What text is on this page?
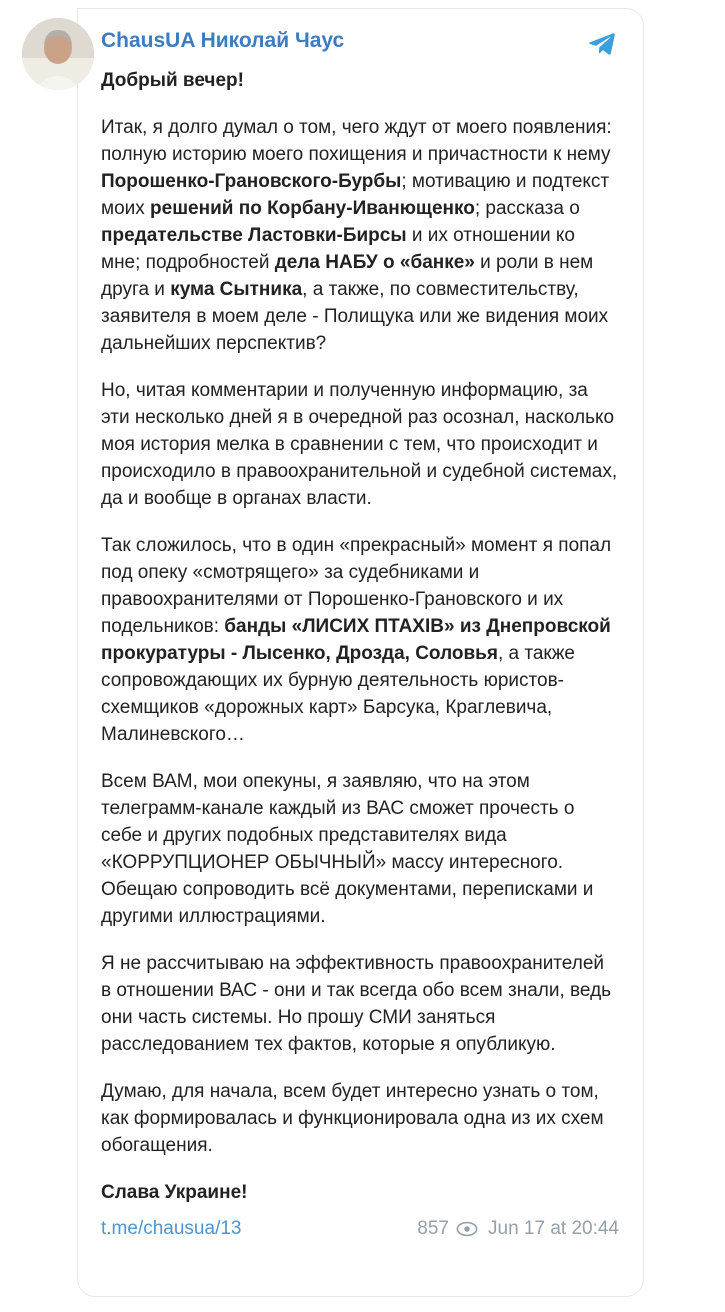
ChausUA Николай Чаус

Добрый вечер!

Итак, я долго думал о том, чего ждут от моего появления: полную историю моего похищения и причастности к нему Порошенко-Грановского-Бурбы; мотивацию и подтекст моих решений по Корбану-Иванющенко; рассказа о предательстве Ластовки-Бирсы и их отношении ко мне; подробностей дела НАБУ о «банке» и роли в нем друга и кума Сытника, а также, по совместительству, заявителя в моем деле - Полищука или же видения моих дальнейших перспектив?

Но, читая комментарии и полученную информацию, за эти несколько дней я в очередной раз осознал, насколько моя история мелка в сравнении с тем, что происходит и происходило в правоохранительной и судебной системах, да и вообще в органах власти.

Так сложилось, что в один «прекрасный» момент я попал под опеку «смотрящего» за судебниками и правоохранителями от Порошенко-Грановского и их подельников: банды «ЛИСИХ ПТАХІВ» из Днепровской прокуратуры - Лысенко, Дрозда, Соловья, а также сопровождающих их бурную деятельность юристов-схемщиков «дорожных карт» Барсука, Краглевича, Малиневского…

Всем ВАМ, мои опекуны, я заявляю, что на этом телеграмм-канале каждый из ВАС сможет прочесть о себе и других подобных представителях вида «КОРРУПЦИОНЕР ОБЫЧНЫЙ» массу интересного. Обещаю сопроводить всё документами, переписками и другими иллюстрациями.

Я не рассчитываю на эффективность правоохранителей в отношении ВАС - они и так всегда обо всем знали, ведь они часть системы. Но прошу СМИ заняться расследованием тех фактов, которые я опубликую.

Думаю, для начала, всем будет интересно узнать о том, как формировалась и функционировала одна из их схем обогащения.

Слава Украине!

t.me/chausua/13	857 Jun 17 at 20:44
